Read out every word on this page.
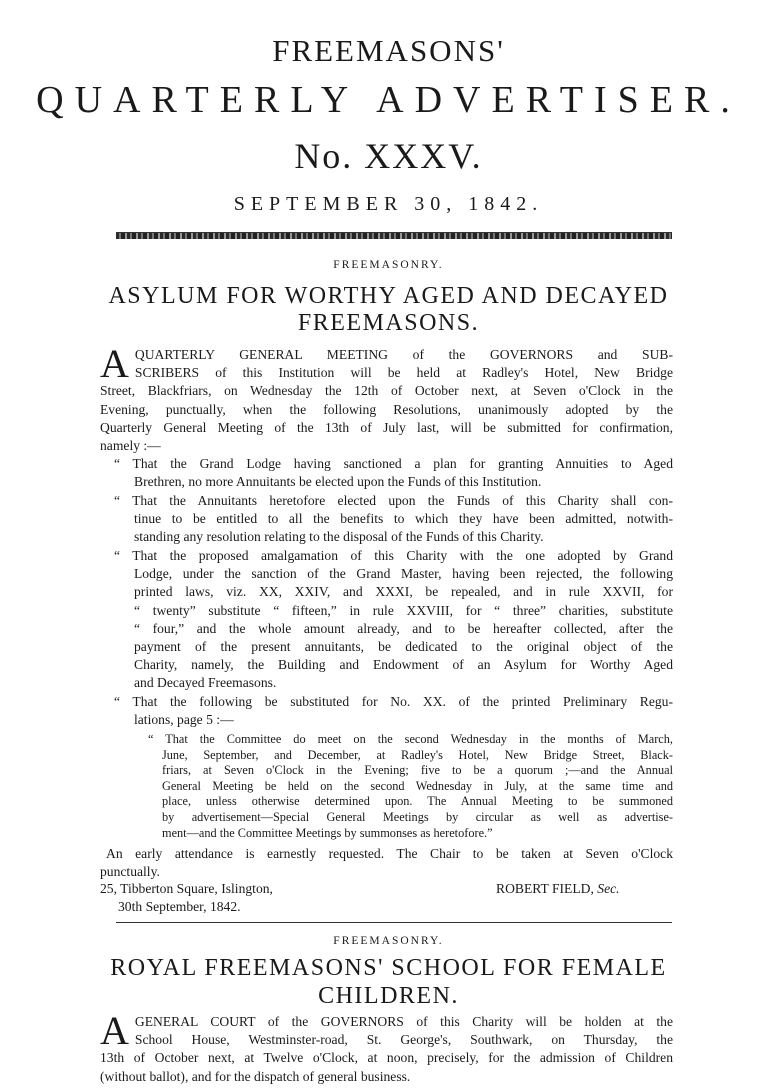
FREEMASONS'
QUARTERLY ADVERTISER.
No. XXXV.
SEPTEMBER 30, 1842.
FREEMASONRY.
ASYLUM FOR WORTHY AGED AND DECAYED
FREEMASONS.
A QUARTERLY GENERAL MEETING of the GOVERNORS and SUB-
SCRIBERS of this Institution will be held at Radley's Hotel, New Bridge
Street, Blackfriars, on Wednesday the 12th of October next, at Seven o'Clock in the
Evening, punctually, when the following Resolutions, unanimously adopted by the
Quarterly General Meeting of the 13th of July last, will be submitted for confirmation,
namely :—
“ That the Grand Lodge having sanctioned a plan for granting Annuities to Aged
Brethren, no more Annuitants be elected upon the Funds of this Institution.
“ That the Annuitants heretofore elected upon the Funds of this Charity shall con-
tinue to be entitled to all the benefits to which they have been admitted, notwith-
standing any resolution relating to the disposal of the Funds of this Charity.
“ That the proposed amalgamation of this Charity with the one adopted by Grand
Lodge, under the sanction of the Grand Master, having been rejected, the following
printed laws, viz. XX, XXIV, and XXXI, be repealed, and in rule XXVII, for
“ twenty” substitute “ fifteen,” in rule XXVIII, for “ three” charities, substitute
“ four,” and the whole amount already, and to be hereafter collected, after the
payment of the present annuitants, be dedicated to the original object of the
Charity, namely, the Building and Endowment of an Asylum for Worthy Aged
and Decayed Freemasons.
“ That the following be substituted for No. XX. of the printed Preliminary Regu-
lations, page 5 :—
“ That the Committee do meet on the second Wednesday in the months of March,
June, September, and December, at Radley's Hotel, New Bridge Street, Black-
friars, at Seven o'Clock in the Evening; five to be a quorum ;—and the Annual
General Meeting be held on the second Wednesday in July, at the same time and
place, unless otherwise determined upon. The Annual Meeting to be summoned
by advertisement—Special General Meetings by circular as well as advertise-
ment—and the Committee Meetings by summonses as heretofore.”
An early attendance is earnestly requested. The Chair to be taken at Seven o'Clock
punctually.
25, Tibberton Square, Islington,
30th September, 1842.
ROBERT FIELD, Sec.
FREEMASONRY.
ROYAL FREEMASONS' SCHOOL FOR FEMALE
CHILDREN.
A GENERAL COURT of the GOVERNORS of this Charity will be holden at the
School House, Westminster-road, St. George's, Southwark, on Thursday, the
13th of October next, at Twelve o'Clock, at noon, precisely, for the admission of Children
(without ballot), and for the dispatch of general business.
